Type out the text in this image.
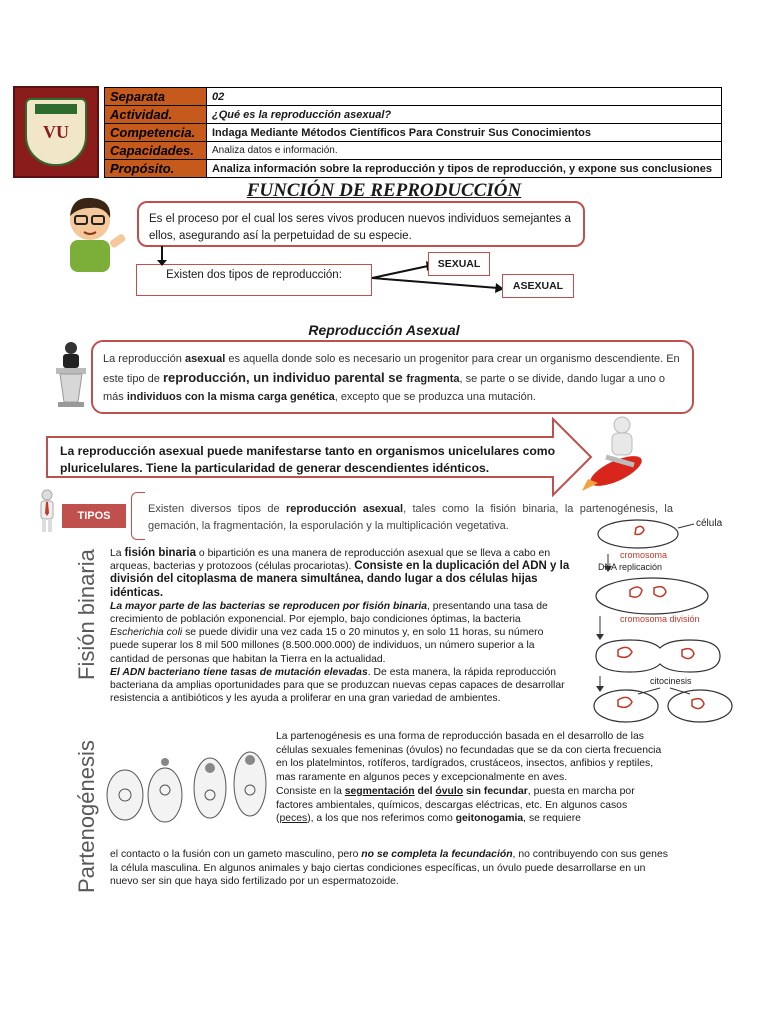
VU
Separata	02
Actividad.	¿Qué es la reproducción asexual?
Competencia.	Indaga Mediante Métodos Científicos Para Construir Sus Conocimientos
Capacidades.	Analiza datos e información.
Propósito.	Analiza información sobre la reproducción y tipos de reproducción, y expone sus conclusiones
FUNCIÓN DE REPRODUCCIÓN
Es el proceso por el cual los seres vivos producen nuevos individuos semejantes a ellos, asegurando así la perpetuidad de su especie.
Existen dos tipos de reproducción:
SEXUAL
ASEXUAL
Reproducción Asexual
La reproducción asexual es aquella donde solo es necesario un progenitor para crear un organismo descendiente. En este tipo de reproducción, un individuo parental se fragmenta, se parte o se divide, dando lugar a uno o más individuos con la misma carga genética, excepto que se produzca una mutación.
La reproducción asexual puede manifestarse tanto en organismos unicelulares como pluricelulares. Tiene la particularidad de generar descendientes idénticos.
TIPOS
Existen diversos tipos de reproducción asexual, tales como la fisión binaria, la partenogénesis, la gemación, la fragmentación, la esporulación y la multiplicación vegetativa.
Fisión binaria La fisión binaria o bipartición es una manera de reproducción asexual que se lleva a cabo en arqueas, bacterias y protozoos (células procariotas). Consiste en la duplicación del ADN y la división del citoplasma de manera simultánea, dando lugar a dos células hijas idénticas.

La mayor parte de las bacterias se reproducen por fisión binaria, presentando una tasa de crecimiento de población exponencial. Por ejemplo, bajo condiciones óptimas, la bacteria Escherichia coli se puede dividir una vez cada 15 o 20 minutos y, en solo 11 horas, su número puede superar los 8 mil 500 millones (8.500.000.000) de individuos, un número superior a la cantidad de personas que habitan la Tierra en la actualidad.

El ADN bacteriano tiene tasas de mutación elevadas. De esta manera, la rápida reproducción bacteriana da amplias oportunidades para que se produzcan nuevas cepas capaces de desarrollar resistencia a antibióticos y les ayuda a proliferar en una gran variedad de ambientes.

célula
cromosoma
DNA replicación
cromosoma división
citocinesis
Partenogénesis
La partenogénesis es una forma de reproducción basada en el desarrollo de las células sexuales femeninas (óvulos) no fecundadas que se da con cierta frecuencia en los platelmintos, rotíferos, tardígrados, crustáceos, insectos, anfibios y reptiles, mas raramente en algunos peces y excepcionalmente en aves.
Consiste en la segmentación del óvulo sin fecundar, puesta en marcha por factores ambientales, químicos, descargas eléctricas, etc. En algunos casos (peces), a los que nos referimos como geitonogamia, se requiere
el contacto o la fusión con un gameto masculino, pero no se completa la fecundación, no contribuyendo con sus genes la célula masculina. En algunos animales y bajo ciertas condiciones específicas, un óvulo puede desarrollarse en un nuevo ser sin que haya sido fertilizado por un espermatozoide.
